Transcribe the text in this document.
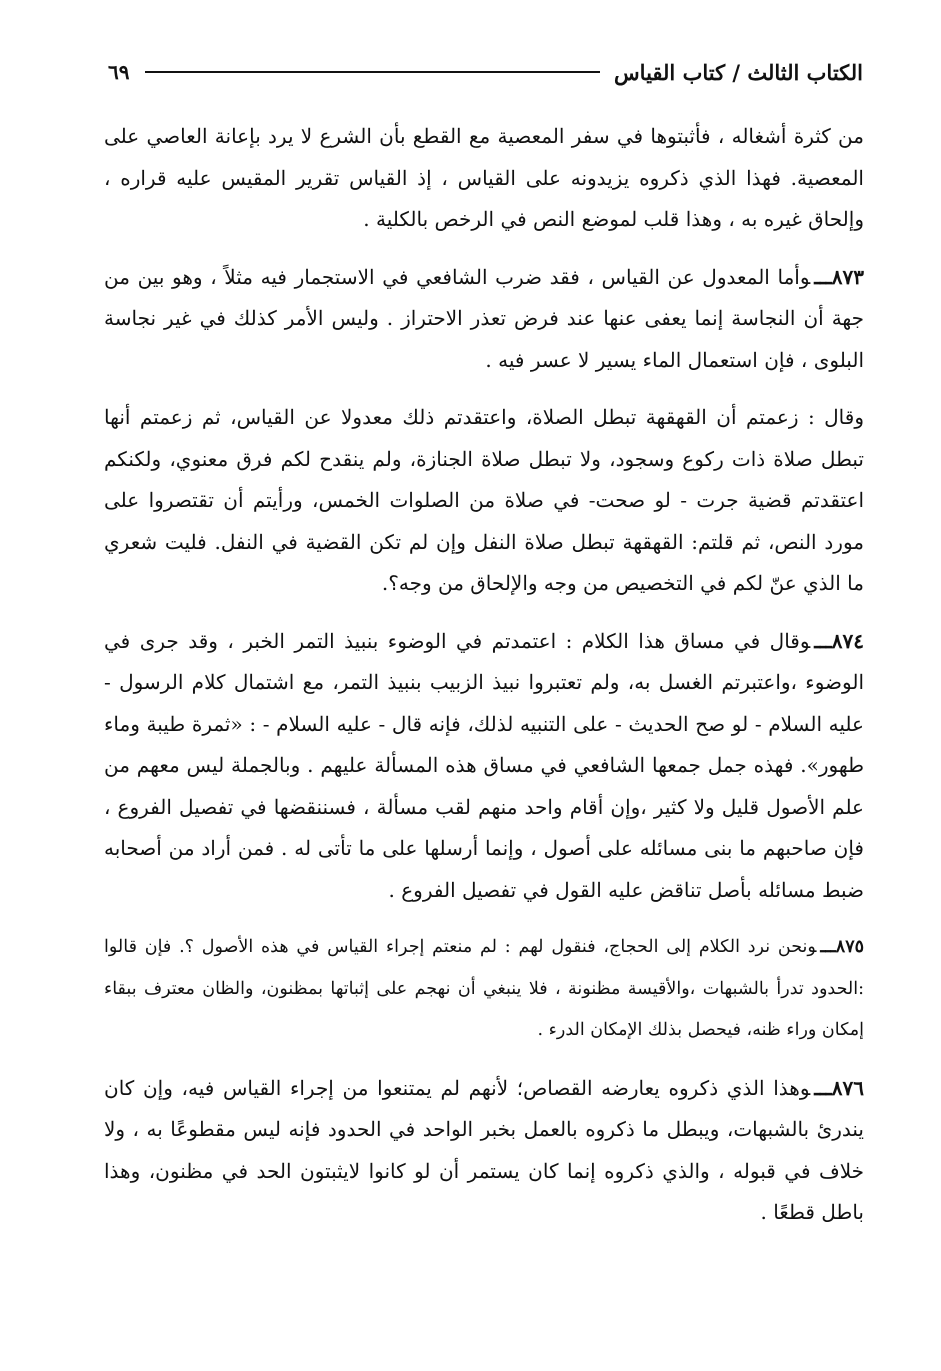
الكتاب الثالث / كتاب القياس
٦٩

من كثرة أشغاله ، فأثبتوها في سفر المعصية مع القطع بأن الشرع لا يرد بإعانة العاصي على المعصية. فهذا الذي ذكروه يزيدونه على القياس ، إذ القياس تقرير المقيس عليه قراره ، وإلحاق غيره به ، وهذا قلب لموضع النص في الرخص بالكلية .

٨٧٣ـــوأما المعدول عن القياس ، فقد ضرب الشافعي في الاستجمار فيه مثلاً ، وهو بين من جهة أن النجاسة إنما يعفى عنها عند فرض تعذر الاحتراز . وليس الأمر كذلك في غير نجاسة البلوى ، فإن استعمال الماء يسير لا عسر فيه .

وقال : زعمتم أن القهقهة تبطل الصلاة، واعتقدتم ذلك معدولا عن القياس، ثم زعمتم أنها تبطل صلاة ذات ركوع وسجود، ولا تبطل صلاة الجنازة، ولم ينقدح لكم فرق معنوي، ولكنكم اعتقدتم قضية جرت - لو صحت- في صلاة من الصلوات الخمس، ورأيتم أن تقتصروا على مورد النص، ثم قلتم: القهقهة تبطل صلاة النفل وإن لم تكن القضية في النفل. فليت شعري ما الذي عنّ لكم في التخصيص من وجه والإلحاق من وجه؟.

٨٧٤ـــوقال في مساق هذا الكلام : اعتمدتم في الوضوء بنبيذ التمر الخبر ، وقد جرى في الوضوء ،واعتبرتم الغسل به، ولم تعتبروا نبيذ الزبيب بنبيذ التمر، مع اشتمال كلام الرسول - عليه السلام - لو صح الحديث - على التنبيه لذلك، فإنه قال - عليه السلام - : «ثمرة طيبة وماء طهور». فهذه جمل جمعها الشافعي في مساق هذه المسألة عليهم . وبالجملة ليس معهم من علم الأصول قليل ولا كثير ،وإن أقام واحد منهم لقب مسألة ، فسننقضها في تفصيل الفروع ، فإن صاحبهم ما بنى مسائله على أصول ، وإنما أرسلها على ما تأتى له . فمن أراد من أصحابه ضبط مسائله بأصل تناقض عليه القول في تفصيل الفروع .

٨٧٥ـــونحن نرد الكلام إلى الحجاج، فنقول لهم : لم منعتم إجراء القياس في هذه الأصول ؟. فإن قالوا :الحدود تدرأ بالشبهات ،والأقيسة مظنونة ، فلا ينبغي أن نهجم على إثباتها بمظنون، والظان معترف ببقاء إمكان وراء ظنه، فيحصل بذلك الإمكان الدرء .

٨٧٦ـــوهذا الذي ذكروه يعارضه القصاص؛ لأنهم لم يمتنعوا من إجراء القياس فيه، وإن كان يندرئ بالشبهات، ويبطل ما ذكروه بالعمل بخبر الواحد في الحدود فإنه ليس مقطوعًا به ، ولا خلاف في قبوله ، والذي ذكروه إنما كان يستمر أن لو كانوا لايثبتون الحد في مظنون، وهذا باطل قطعًا .
